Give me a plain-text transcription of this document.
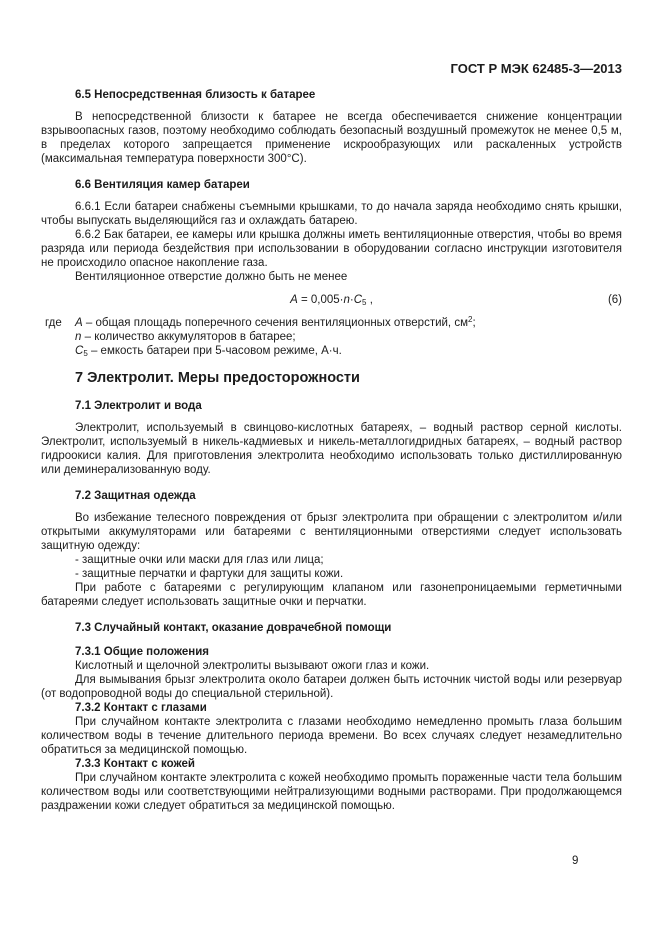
ГОСТ Р МЭК 62485-3—2013
6.5 Непосредственная близость к батарее

В непосредственной близости к батарее не всегда обеспечивается снижение концентрации взрывоопасных газов, поэтому необходимо соблюдать безопасный воздушный промежуток не менее 0,5 м, в пределах которого запрещается применение искрообразующих или раскаленных устройств (максимальная температура поверхности 300°С).

6.6 Вентиляция камер батареи

6.6.1 Если батареи снабжены съемными крышками, то до начала заряда необходимо снять крышки, чтобы выпускать выделяющийся газ и охлаждать батарею.

6.6.2 Бак батареи, ее камеры или крышка должны иметь вентиляционные отверстия, чтобы во время разряда или периода бездействия при использовании в оборудовании согласно инструкции изготовителя не происходило опасное накопление газа.

Вентиляционное отверстие должно быть не менее

$A = 0,005\cdot n\cdot C_5$ ,	(6)
где A – общая площадь поперечного сечения вентиляционных отверстий, $см^2$;
n – количество аккумуляторов в батарее;
$C_5$ – емкость батареи при 5-часовом режиме, А·ч.
7 Электролит. Меры предосторожности
7.1 Электролит и вода

Электролит, используемый в свинцово-кислотных батареях, – водный раствор серной кислоты. Электролит, используемый в никель-кадмиевых и никель-металлогидридных батареях, – водный раствор гидроокиси калия. Для приготовления электролита необходимо использовать только дистиллированную или деминерализованную воду.

7.2 Защитная одежда

Во избежание телесного повреждения от брызг электролита при обращении с электролитом и/или открытыми аккумуляторами или батареями с вентиляционными отверстиями следует использовать защитную одежду:

- защитные очки или маски для глаз или лица;

- защитные перчатки и фартуки для защиты кожи.

При работе с батареями с регулирующим клапаном или газонепроницаемыми герметичными батареями следует использовать защитные очки и перчатки.

7.3 Случайный контакт, оказание доврачебной помощи
7.3.1 Общие положения

Кислотный и щелочной электролиты вызывают ожоги глаз и кожи.

Для вымывания брызг электролита около батареи должен быть источник чистой воды или резервуар (от водопроводной воды до специальной стерильной).

7.3.2 Контакт с глазами

При случайном контакте электролита с глазами необходимо немедленно промыть глаза большим количеством воды в течение длительного периода времени. Во всех случаях следует незамедлительно обратиться за медицинской помощью.

7.3.3 Контакт с кожей

При случайном контакте электролита с кожей необходимо промыть пораженные части тела большим количеством воды или соответствующими нейтрализующими водными растворами. При продолжающемся раздражении кожи следует обратиться за медицинской помощью.

9
